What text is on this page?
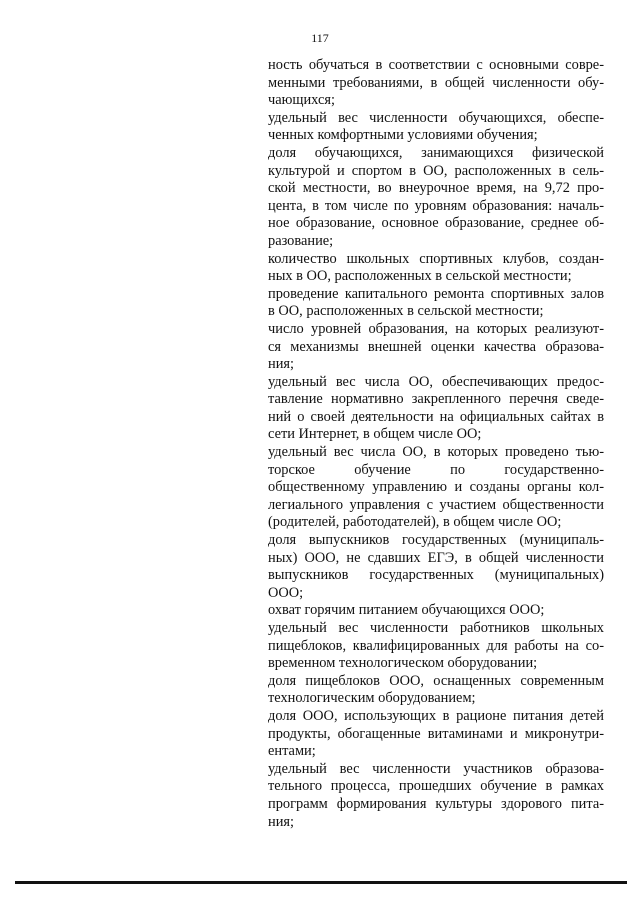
117
ность обучаться в соответствии с основными совре-
менными требованиями, в общей численности обу-
чающихся;
удельный вес численности обучающихся, обеспе-
ченных комфортными условиями обучения;
доля обучающихся, занимающихся физической
культурой и спортом в ОО, расположенных в сель-
ской местности, во внеурочное время, на 9,72 про-
цента, в том числе по уровням образования: началь-
ное образование, основное образование, среднее об-
разование;
количество школьных спортивных клубов, создан-
ных в ОО, расположенных в сельской местности;
проведение капитального ремонта спортивных залов
в ОО, расположенных в сельской местности;
число уровней образования, на которых реализуют-
ся механизмы внешней оценки качества образова-
ния;
удельный вес числа ОО, обеспечивающих предос-
тавление нормативно закрепленного перечня сведе-
ний о своей деятельности на официальных сайтах в
сети Интернет, в общем числе ОО;
удельный вес числа ОО, в которых проведено тью-
торское обучение по государственно-
общественному управлению и созданы органы кол-
легиального управления с участием общественности
(родителей, работодателей), в общем числе ОО;
доля выпускников государственных (муниципаль-
ных) ООО, не сдавших ЕГЭ, в общей численности
выпускников государственных (муниципальных)
ООО;
охват горячим питанием обучающихся ООО;
удельный вес численности работников школьных
пищеблоков, квалифицированных для работы на со-
временном технологическом оборудовании;
доля пищеблоков ООО, оснащенных современным
технологическим оборудованием;
доля ООО, использующих в рационе питания детей
продукты, обогащенные витаминами и микронутри-
ентами;
удельный вес численности участников образова-
тельного процесса, прошедших обучение в рамках
программ формирования культуры здорового пита-
ния;
